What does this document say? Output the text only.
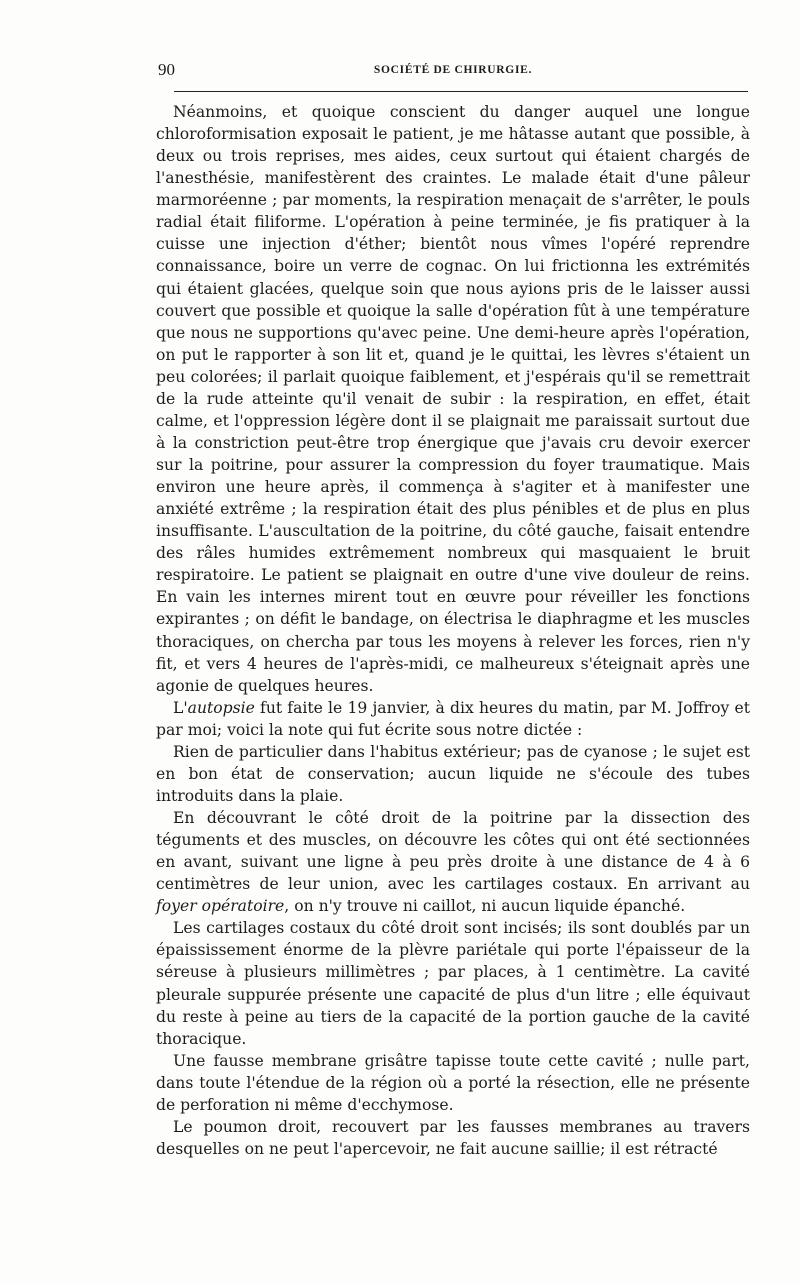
90	SOCIÉTÉ DE CHIRURGIE.

Néanmoins, et quoique conscient du danger auquel une longue chloroformisation exposait le patient, je me hâtasse autant que possible, à deux ou trois reprises, mes aides, ceux surtout qui étaient chargés de l'anesthésie, manifestèrent des craintes. Le malade était d'une pâleur marmoréenne ; par moments, la respiration menaçait de s'arrêter, le pouls radial était filiforme. L'opération à peine terminée, je fis pratiquer à la cuisse une injection d'éther; bientôt nous vîmes l'opéré reprendre connaissance, boire un verre de cognac. On lui frictionna les extrémités qui étaient glacées, quelque soin que nous ayions pris de le laisser aussi couvert que possible et quoique la salle d'opération fût à une température que nous ne supportions qu'avec peine. Une demi-heure après l'opération, on put le rapporter à son lit et, quand je le quittai, les lèvres s'étaient un peu colorées; il parlait quoique faiblement, et j'espérais qu'il se remettrait de la rude atteinte qu'il venait de subir : la respiration, en effet, était calme, et l'oppression légère dont il se plaignait me paraissait surtout due à la constriction peut-être trop énergique que j'avais cru devoir exercer sur la poitrine, pour assurer la compression du foyer traumatique. Mais environ une heure après, il commença à s'agiter et à manifester une anxiété extrême ; la respiration était des plus pénibles et de plus en plus insuffisante. L'auscultation de la poitrine, du côté gauche, faisait entendre des râles humides extrêmement nombreux qui masquaient le bruit respiratoire. Le patient se plaignait en outre d'une vive douleur de reins. En vain les internes mirent tout en œuvre pour réveiller les fonctions expirantes ; on défit le bandage, on électrisa le diaphragme et les muscles thoraciques, on chercha par tous les moyens à relever les forces, rien n'y fit, et vers 4 heures de l'après-midi, ce malheureux s'éteignait après une agonie de quelques heures.

L'autopsie fut faite le 19 janvier, à dix heures du matin, par M. Joffroy et par moi; voici la note qui fut écrite sous notre dictée :

Rien de particulier dans l'habitus extérieur; pas de cyanose ; le sujet est en bon état de conservation; aucun liquide ne s'écoule des tubes introduits dans la plaie.

En découvrant le côté droit de la poitrine par la dissection des téguments et des muscles, on découvre les côtes qui ont été sectionnées en avant, suivant une ligne à peu près droite à une distance de 4 à 6 centimètres de leur union, avec les cartilages costaux. En arrivant au foyer opératoire, on n'y trouve ni caillot, ni aucun liquide épanché.

Les cartilages costaux du côté droit sont incisés; ils sont doublés par un épaississement énorme de la plèvre pariétale qui porte l'épaisseur de la séreuse à plusieurs millimètres ; par places, à 1 centimètre. La cavité pleurale suppurée présente une capacité de plus d'un litre ; elle équivaut du reste à peine au tiers de la capacité de la portion gauche de la cavité thoracique.

Une fausse membrane grisâtre tapisse toute cette cavité ; nulle part, dans toute l'étendue de la région où a porté la résection, elle ne présente de perforation ni même d'ecchymose.

Le poumon droit, recouvert par les fausses membranes au travers desquelles on ne peut l'apercevoir, ne fait aucune saillie; il est rétracté
